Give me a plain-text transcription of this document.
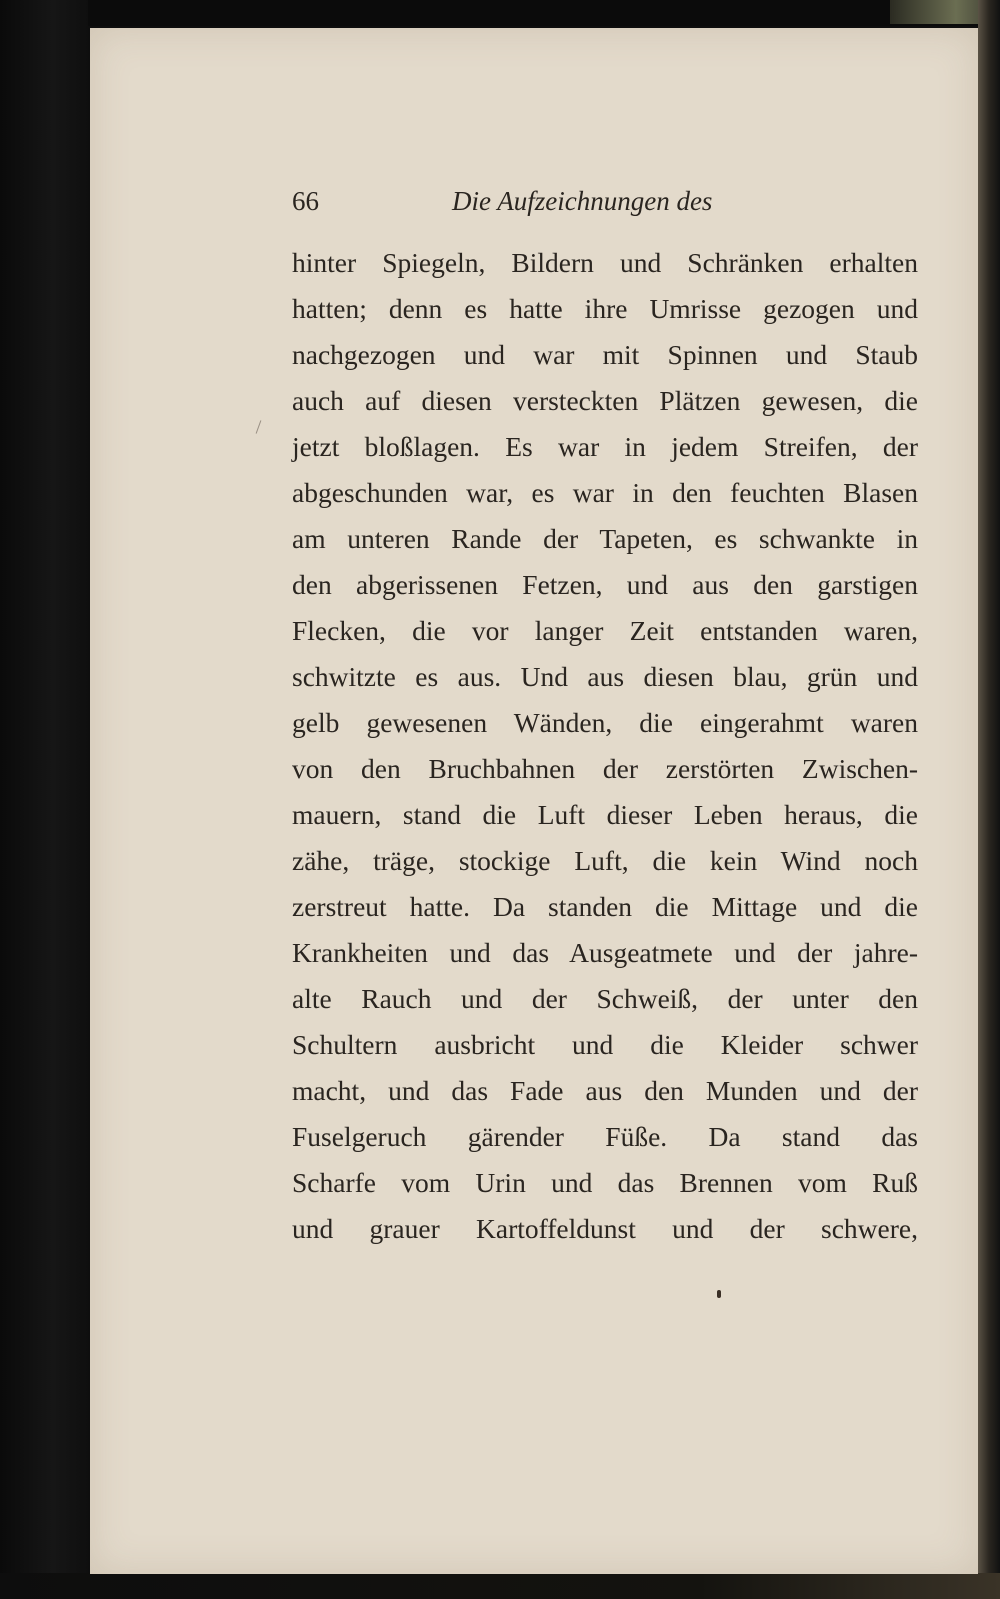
66	Die Aufzeichnungen des
hinter Spiegeln, Bildern und Schränken erhalten
hatten; denn es hatte ihre Umrisse gezogen und
nachgezogen und war mit Spinnen und Staub
auch auf diesen versteckten Plätzen gewesen, die
jetzt bloßlagen. Es war in jedem Streifen, der
abgeschunden war, es war in den feuchten Blasen
am unteren Rande der Tapeten, es schwankte in
den abgerissenen Fetzen, und aus den garstigen
Flecken, die vor langer Zeit entstanden waren,
schwitzte es aus. Und aus diesen blau, grün und
gelb gewesenen Wänden, die eingerahmt waren
von den Bruchbahnen der zerstörten Zwischen-
mauern, stand die Luft dieser Leben heraus, die
zähe, träge, stockige Luft, die kein Wind noch
zerstreut hatte. Da standen die Mittage und die
Krankheiten und das Ausgeatmete und der jahre-
alte Rauch und der Schweiß, der unter den
Schultern ausbricht und die Kleider schwer
macht, und das Fade aus den Munden und der
Fuselgeruch gärender Füße. Da stand das
Scharfe vom Urin und das Brennen vom Ruß
und grauer Kartoffeldunst und der schwere,
